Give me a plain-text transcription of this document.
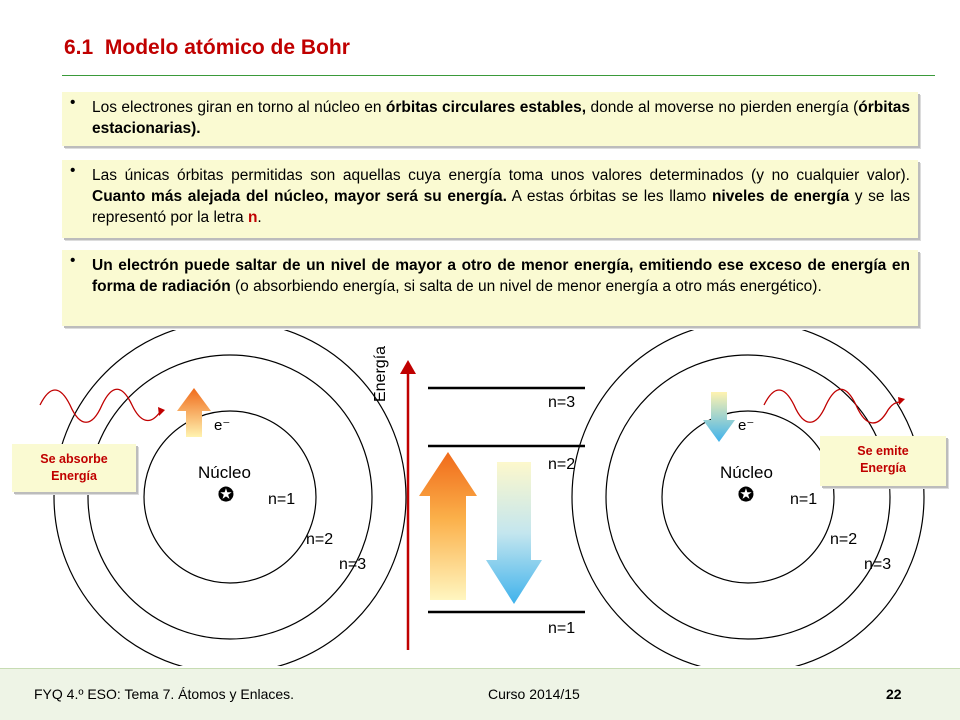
6.1 Modelo atómico de Bohr
• Los electrones giran en torno al núcleo en órbitas circulares estables, donde al moverse no pierden energía (órbitas estacionarias).
• Las únicas órbitas permitidas son aquellas cuya energía toma unos valores determinados (y no cualquier valor). Cuanto más alejada del núcleo, mayor será su energía. A estas órbitas se les llamo niveles de energía y se las representó por la letra n.
• Un electrón puede saltar de un nivel de mayor a otro de menor energía, emitiendo ese exceso de energía en forma de radiación (o absorbiendo energía, si salta de un nivel de menor energía a otro más energético).
e⁻
Núcleo
✪ n=1
n=2
n=3
Se absorbe
Energía
e⁻
Núcleo
✪ n=1
n=2
n=3
Se emite
Energía
Energía
n=3
n=2
n=1
FYQ 4.º ESO: Tema 7. Átomos y Enlaces.	Curso 2014/15	22
